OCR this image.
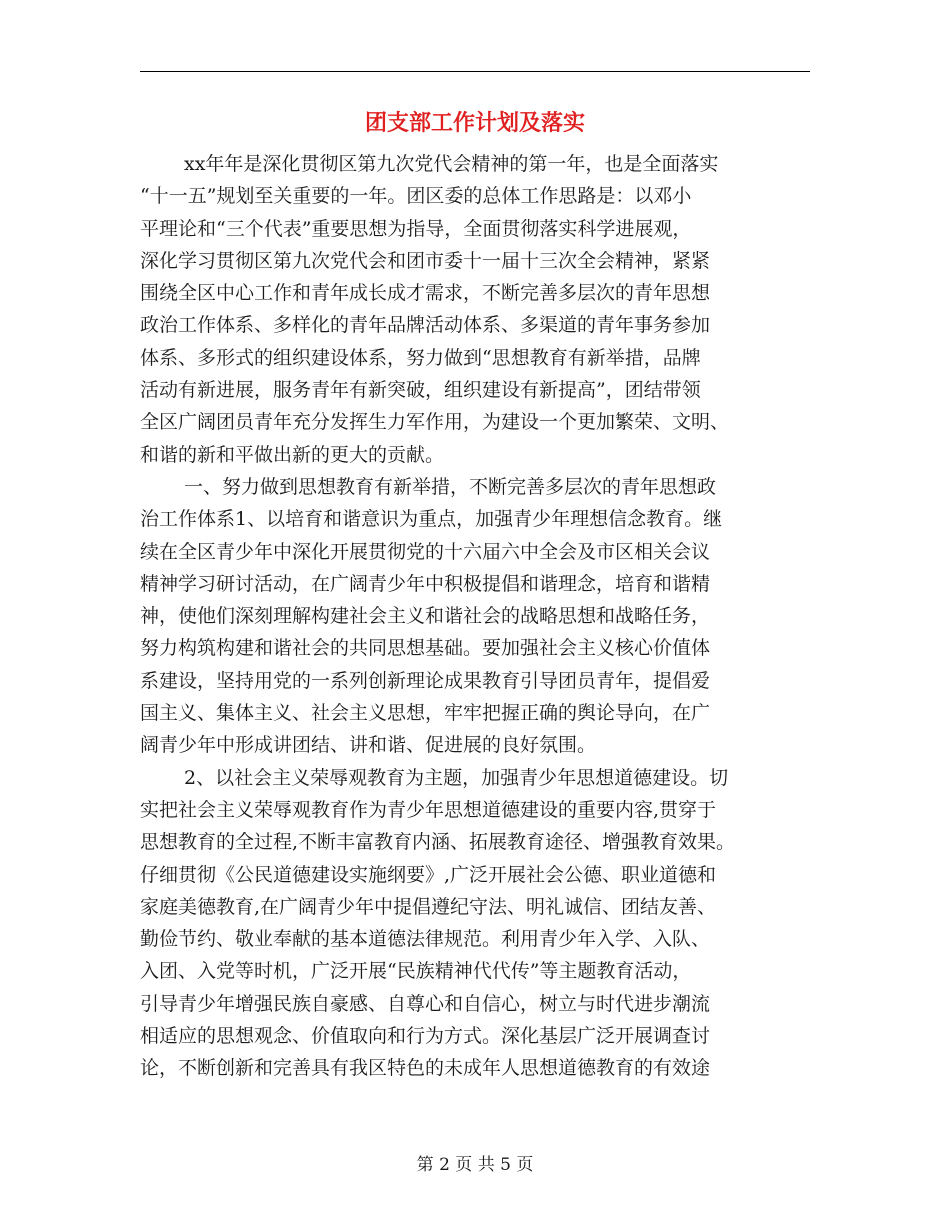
团支部工作计划及落实
xx年年是深化贯彻区第九次党代会精神的第一年，也是全面落实
“十一五”规划至关重要的一年。团区委的总体工作思路是：以邓小
平理论和“三个代表”重要思想为指导，全面贯彻落实科学进展观，
深化学习贯彻区第九次党代会和团市委十一届十三次全会精神，紧紧
围绕全区中心工作和青年成长成才需求，不断完善多层次的青年思想
政治工作体系、多样化的青年品牌活动体系、多渠道的青年事务参加
体系、多形式的组织建设体系，努力做到“思想教育有新举措，品牌
活动有新进展，服务青年有新突破，组织建设有新提高”，团结带领
全区广阔团员青年充分发挥生力军作用，为建设一个更加繁荣、文明、
和谐的新和平做出新的更大的贡献。
一、努力做到思想教育有新举措，不断完善多层次的青年思想政
治工作体系1、以培育和谐意识为重点，加强青少年理想信念教育。继
续在全区青少年中深化开展贯彻党的十六届六中全会及市区相关会议
精神学习研讨活动，在广阔青少年中积极提倡和谐理念，培育和谐精
神，使他们深刻理解构建社会主义和谐社会的战略思想和战略任务，
努力构筑构建和谐社会的共同思想基础。要加强社会主义核心价值体
系建设，坚持用党的一系列创新理论成果教育引导团员青年，提倡爱
国主义、集体主义、社会主义思想，牢牢把握正确的舆论导向，在广
阔青少年中形成讲团结、讲和谐、促进展的良好氛围。
2、以社会主义荣辱观教育为主题，加强青少年思想道德建设。切
实把社会主义荣辱观教育作为青少年思想道德建设的重要内容,贯穿于
思想教育的全过程,不断丰富教育内涵、拓展教育途径、增强教育效果。
仔细贯彻《公民道德建设实施纲要》,广泛开展社会公德、职业道德和
家庭美德教育,在广阔青少年中提倡遵纪守法、明礼诚信、团结友善、
勤俭节约、敬业奉献的基本道德法律规范。利用青少年入学、入队、
入团、入党等时机，广泛开展“民族精神代代传”等主题教育活动，
引导青少年增强民族自豪感、自尊心和自信心，树立与时代进步潮流
相适应的思想观念、价值取向和行为方式。深化基层广泛开展调查讨
论，不断创新和完善具有我区特色的未成年人思想道德教育的有效途
第 2 页 共 5 页
